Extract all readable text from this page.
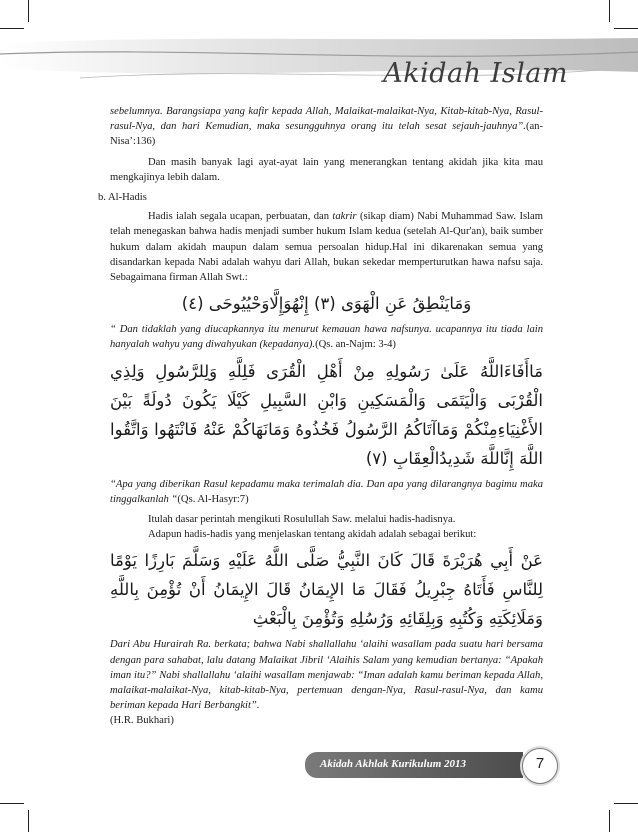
Akidah Islam

sebelumnya. Barangsiapa yang kafir kepada Allah, Malaikat-malaikat-Nya, Kitab-kitab-Nya, Rasul-rasul-Nya, dan hari Kemudian, maka sesungguhnya orang itu telah sesat sejauh-jauhnya”.(an-Nisa’:136)

Dan masih banyak lagi ayat-ayat lain yang menerangkan tentang akidah jika kita mau mengkajinya lebih dalam.

b. Al-Hadis

Hadis ialah segala ucapan, perbuatan, dan takrir (sikap diam) Nabi Muhammad Saw. Islam telah menegaskan bahwa hadis menjadi sumber hukum Islam kedua (setelah Al-Qur'an), baik sumber hukum dalam akidah maupun dalam semua persoalan hidup.Hal ini dikarenakan semua yang disandarkan kepada Nabi adalah wahyu dari Allah, bukan sekedar memperturutkan hawa nafsu saja. Sebagaimana firman Allah Swt.:

وَمَايَنْطِقُ عَنِ الْهَوَى (٣) إِنْهُوَإِلَّاوَحْيُيُوحَى (٤)

“ Dan tidaklah yang diucapkannya itu menurut kemauan hawa nafsunya. ucapannya itu tiada lain hanyalah wahyu yang diwahyukan (kepadanya).(Qs. an-Najm: 3-4)

مَاأَفَاءَاللَّهُ عَلَىٰ رَسُولِهِ مِنْ أَهْلِ الْقُرَى فَلِلَّهِ وَلِلرَّسُولِ وَلِذِي الْقُرْبَى وَالْيَتَمَى وَالْمَسَكِينِ وَابْنِ السَّبِيلِ كَيْلَا يَكُونَ دُولَةً بَيْنَ الأَغْنِيَاءِمِنْكُمْ وَمَاآتَاكُمُ الرَّسُولُ فَخُذُوهُ وَمَانَهَاكُمْ عَنْهُ فَانْتَهُوا وَاتَّقُوا اللَّهَ إِنَّاللَّهَ شَدِيدُالْعِقَابِ (٧)

“Apa yang diberikan Rasul kepadamu maka terimalah dia. Dan apa yang dilarangnya bagimu maka tinggalkanlah “(Qs. Al-Hasyr:7)

Itulah dasar perintah mengikuti Rosulullah Saw. melalui hadis-hadisnya.

Adapun hadis-hadis yang menjelaskan tentang akidah adalah sebagai berikut:

عَنْ أَبِي هُرَيْرَةَ قَالَ كَانَ النَّبِيُّ صَلَّى اللَّهُ عَلَيْهِ وَسَلَّمَ بَارِزًا يَوْمًا لِلنَّاسِ فَأَتَاهُ جِبْرِيلُ فَقَالَ مَا الإِيمَانُ قَالَ الإِيمَانُ أَنْ تُؤْمِنَ بِاللَّهِ وَمَلَائِكَتِهِ وَكُتُبِهِ وَبِلِقَائِهِ وَرُسُلِهِ وَتُؤْمِنَ بِالْبَعْثِ

Dari Abu Hurairah Ra. berkata; bahwa Nabi shallallahu ‘alaihi wasallam pada suatu hari bersama dengan para sahabat, lalu datang Malaikat Jibril ‘Alaihis Salam yang kemudian bertanya: “Apakah iman itu?” Nabi shallallahu ‘alaihi wasallam menjawab: “Iman adalah kamu beriman kepada Allah, malaikat-malaikat-Nya, kitab-kitab-Nya, pertemuan dengan-Nya, Rasul-rasul-Nya, dan kamu beriman kepada Hari Berbangkit”.

(H.R. Bukhari)

Akidah Akhlak Kurikulum 2013	7
